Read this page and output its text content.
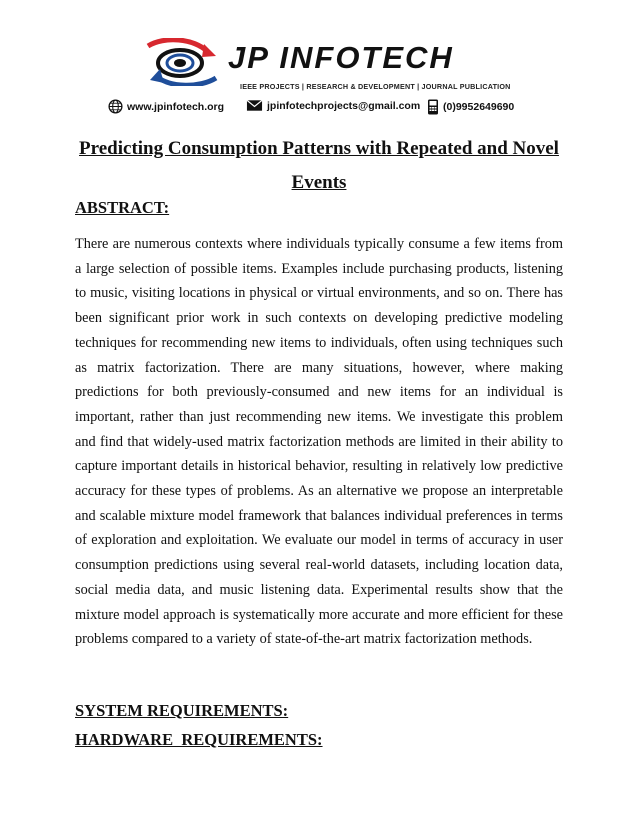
JP INFOTECH
IEEE PROJECTS | RESEARCH & DEVELOPMENT | JOURNAL PUBLICATION
www.jpinfotech.org	jpinfotechprojects@gmail.com (0)9952649690
Predicting Consumption Patterns with Repeated and Novel Events
ABSTRACT:

There are numerous contexts where individuals typically consume a few items from a large selection of possible items. Examples include purchasing products, listening to music, visiting locations in physical or virtual environments, and so on. There has been significant prior work in such contexts on developing predictive modeling techniques for recommending new items to individuals, often using techniques such as matrix factorization. There are many situations, however, where making predictions for both previously-consumed and new items for an individual is important, rather than just recommending new items. We investigate this problem and find that widely-used matrix factorization methods are limited in their ability to capture important details in historical behavior, resulting in relatively low predictive accuracy for these types of problems. As an alternative we propose an interpretable and scalable mixture model framework that balances individual preferences in terms of exploration and exploitation. We evaluate our model in terms of accuracy in user consumption predictions using several real-world datasets, including location data, social media data, and music listening data. Experimental results show that the mixture model approach is systematically more accurate and more efficient for these problems compared to a variety of state-of-the-art matrix factorization methods.

SYSTEM REQUIREMENTS:
HARDWARE  REQUIREMENTS:
